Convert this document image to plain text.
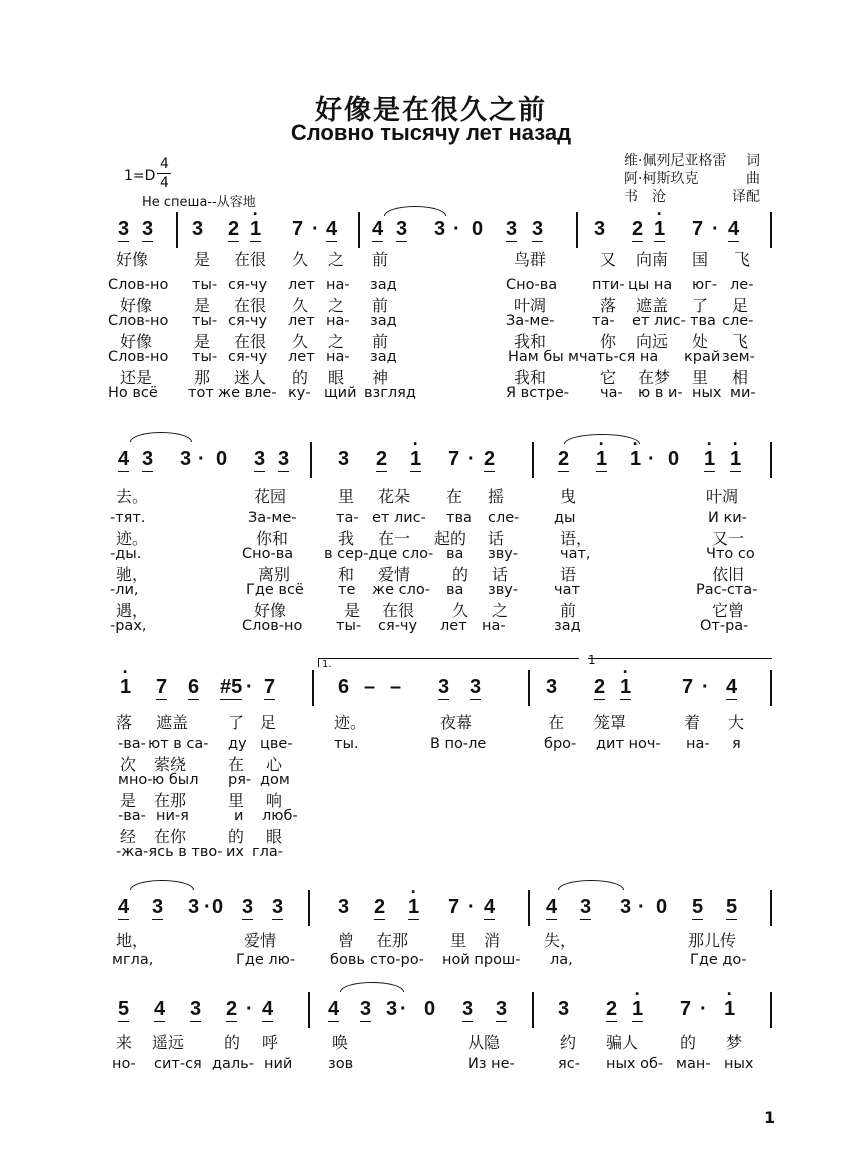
好像是在很久之前
Словно тысячу лет назад
1=D
4
4
Не спеша--从容地
维·佩列尼亚格雷 词
阿·柯斯玖克	曲
书　沧	译配
3 3 3 2 · 1 7 · 4 4 3 3 · 0 3 3	3 2 · 1 7 · 4
好像	是 在很 久 之 前	鸟群	又 向南 国 飞
Слов-но ты- ся-чу лет на- зад	Сно-ва пти- цы на юг- ле-
好像	是 在很 久 之 前	叶凋	落 遮盖 了 足
Слов-но ты- ся-чу лет на- зад	За-ме-	та- ет лис- тва сле-
好像	是 在很 久 之 前	我和	你 向远 处 飞
Слов-но ты- ся-чу лет на- зад	Нам бы мчать-ся на край зем-
还是	那 迷人 的 眼 神	我和	它 在梦 里 相
Но всё тот же вле- ку- щий взгляд	Я встре- ча- ю в и- ных ми-
4 3 3 · 0 3 3 3 2 · 1 7 · 2	2 · 1 · 1 · 0 · 1 · 1
去。	花园	里 花朵 在 摇	曳	叶凋
-тят.	За-ме-	та- ет лис- тва сле- ды	И ки-
迹。	你和	我 在一 起的 话	语，	又一
-ды.	Сно-ва в сер-дце сло- ва зву-	чат,	Что со
驰，	离别	和 爱情	的 话	语	依旧
-ли,	Где всё те же сло- ва зву- чат	Рас-ста-
遇，	好像	是 在很 久 之	前	它曾
-рах,	Слов-но ты- ся-чу лет на-	зад	От-ра-
1.	1
· 1 7 6 #5 · 7	6 – – 3 3	3 2 · 1	7 · 4
落 遮盖 了 足	迹。	夜幕	在 笼罩	着 大
-ва- ют в са- ду цве-	ты.	В по-ле	бро- дит ноч- на- я
次 萦绕	在 心
мно- ю был ря- дом
是 在那	里 响
-ва- ни-я	и люб-
经 在你	的 眼
-жа-ясь в тво- их гла-
4 3 3 · 0 3 3	3 2 · 1 7 · 4	4 3 3 · 0 5 5
地，	爱情	曾 在那	里 消	失，	那儿传
мгла,	Где лю- бовь сто-ро- ной прош- ла,	Где до-
5 4 3 2 · 4	4 3 3 · 0 3 3	3 2 · 1 7 · · 1
来 遥远 的 呼	唤	从隐	约 骗人	的 梦
но- сит-ся даль- ний зов	Из не-	яс- ных об- ман- ных
1
